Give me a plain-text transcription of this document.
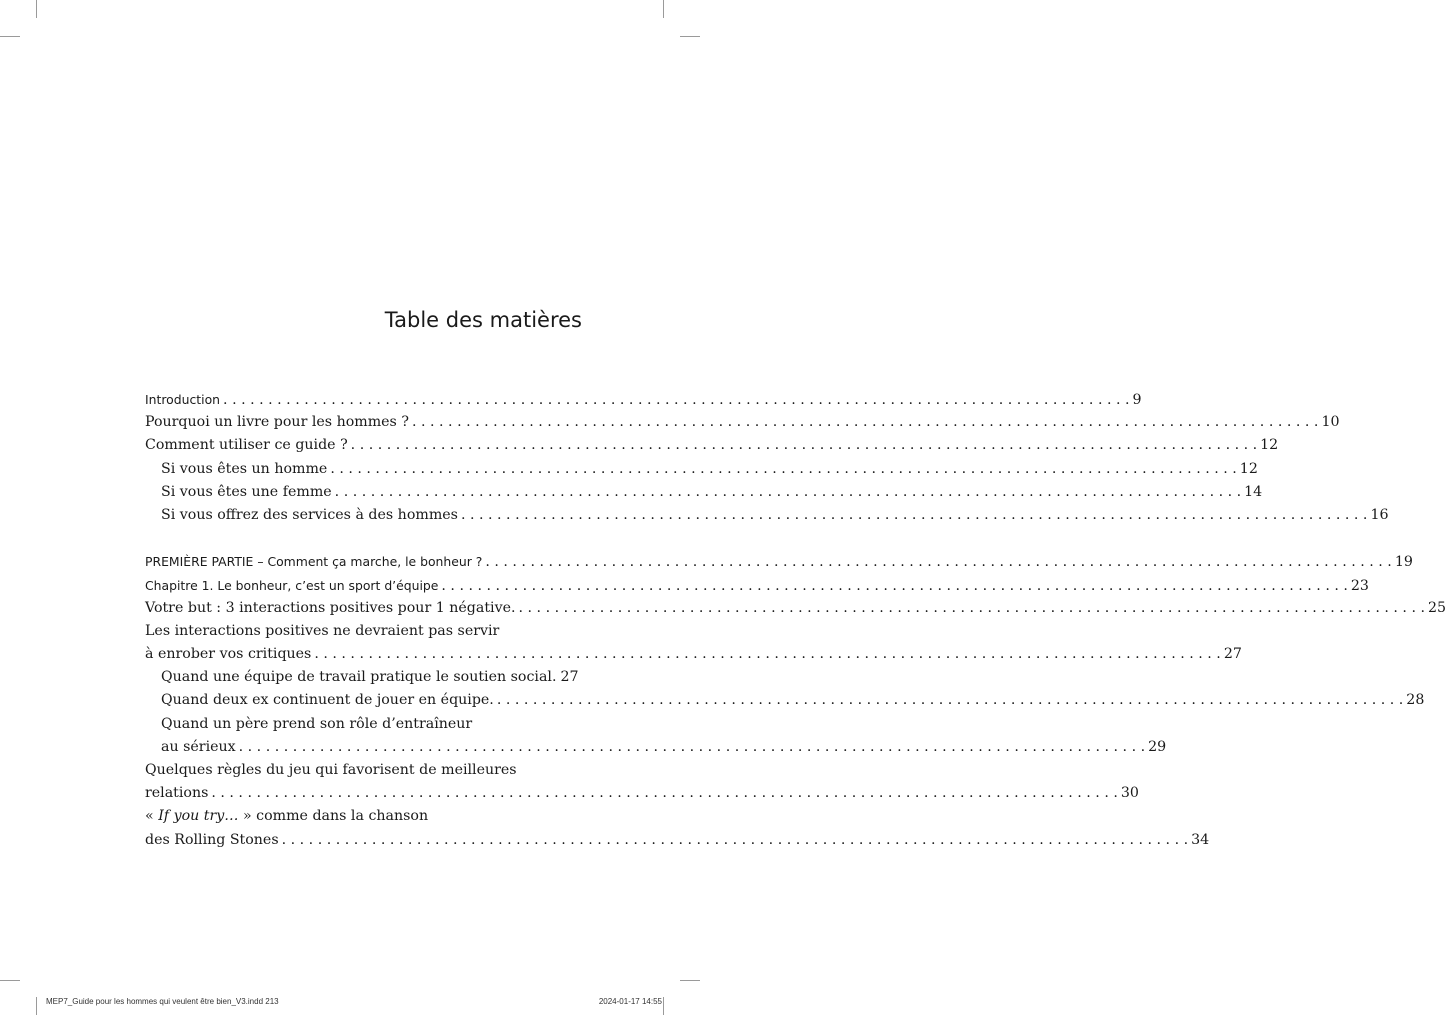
Table des matières
Introduction . . .	9
Pourquoi un livre pour les hommes ? . . .	10
Comment utiliser ce guide ? . . .	12
Si vous êtes un homme . . .	12
Si vous êtes une femme . . .	14
Si vous offrez des services à des hommes . . .	16
PREMIÈRE PARTIE – Comment ça marche, le bonheur ? . . .	19
Chapitre 1. Le bonheur, c’est un sport d’équipe . . .	23
Votre but : 3 interactions positives pour 1 négative. . . .	25
Les interactions positives ne devraient pas servir
à enrober vos critiques . . .	27
Quand une équipe de travail pratique le soutien social. 27
Quand deux ex continuent de jouer en équipe. . . .	28
Quand un père prend son rôle d’entraîneur
au sérieux . . .	29
Quelques règles du jeu qui favorisent de meilleures
relations . . .	30
« If you try… » comme dans la chanson
des Rolling Stones . . .	34
MEP7_Guide pour les hommes qui veulent être bien_V3.indd 213	2024-01-17 14:55
